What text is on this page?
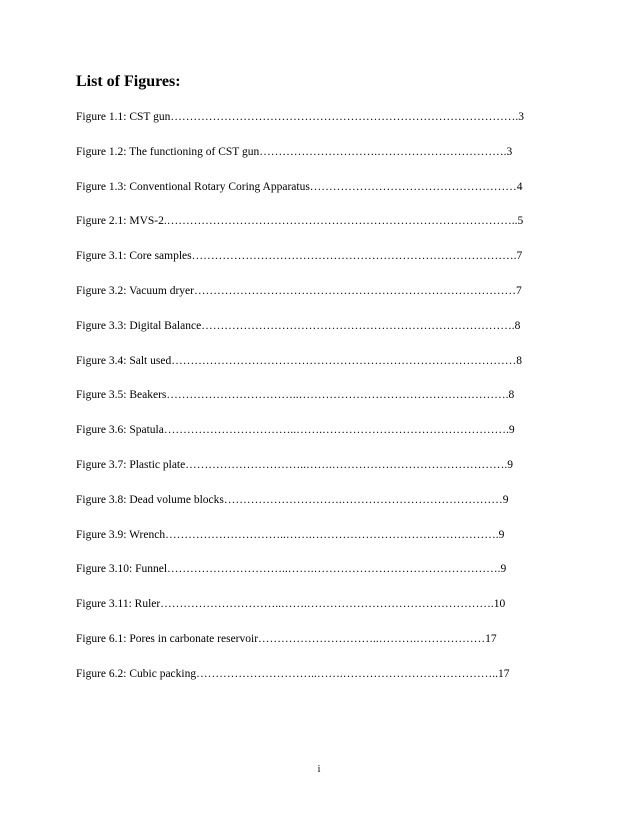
List of Figures:
Figure 1.1: CST gun……………………………………………………………………………….3
Figure 1.2: The functioning of CST gun………………………….…………………………….3
Figure 1.3: Conventional Rotary Coring Apparatus………………………………………………4
Figure 2.1: MVS-2.………………………………………………………………………………..5
Figure 3.1: Core samples………………………………………………………………………….7
Figure 3.2: Vacuum dryer…………………………………………………………………………7
Figure 3.3: Digital Balance……………………………………………………………………….8
Figure 3.4: Salt used………………………………………………………………………………8
Figure 3.5: Beakers……………………………..……………………………………………….8
Figure 3.6: Spatula……………………………..…….………………………………………….9
Figure 3.7: Plastic plate…………………………..…….……………………………………….9
Figure 3.8: Dead volume blocks………………………….……………………………………9
Figure 3.9: Wrench…………………………..…….………………………………………….9
Figure 3.10: Funnel…………………………..…….………………………………………….9
Figure 3.11: Ruler…………………………..…….………………………………………….10
Figure 6.1: Pores in carbonate reservoir…………………………..……….………………17
Figure 6.2: Cubic packing…………………………..…….…………………………………..17
i
